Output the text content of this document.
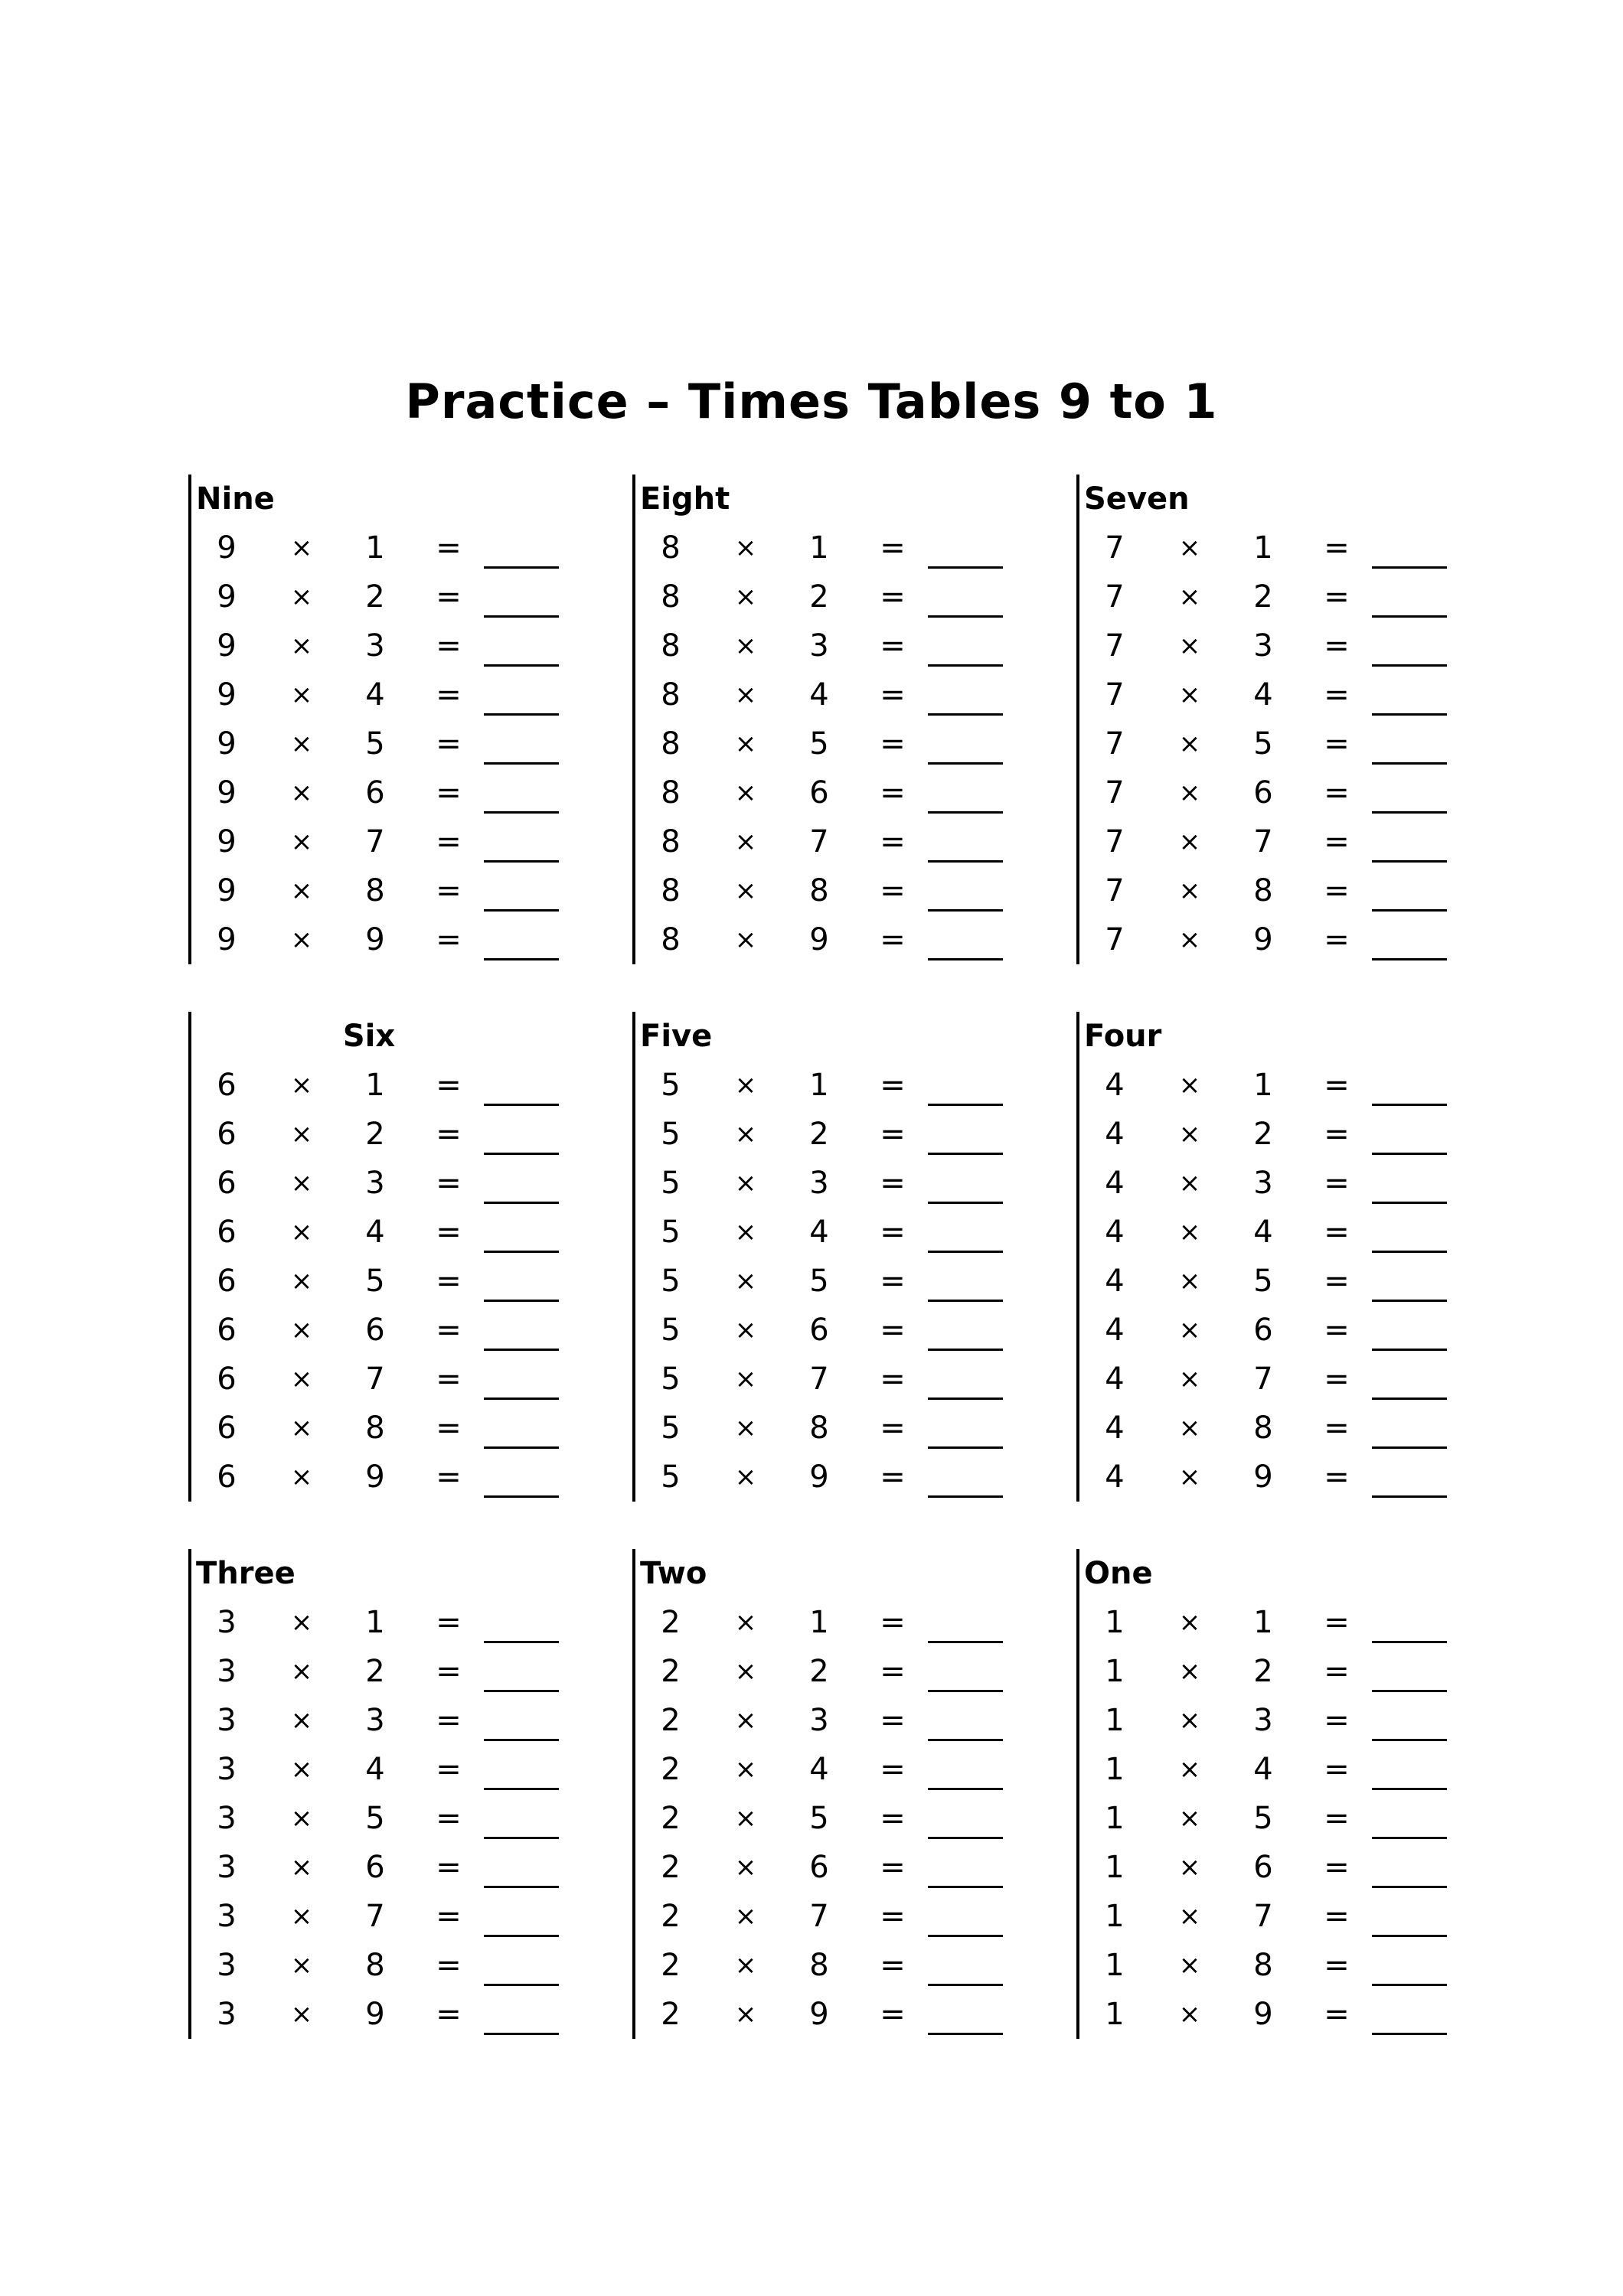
Practice – Times Tables 9 to 1
Nine
9	×	1	=
9	×	2	=
9	×	3	=
9	×	4	=
9	×	5	=
9	×	6	=
9	×	7	=
9	×	8	=
9	×	9	=
Eight
8	×	1	=
8	×	2	=
8	×	3	=
8	×	4	=
8	×	5	=
8	×	6	=
8	×	7	=
8	×	8	=
8	×	9	=
Seven
7	×	1	=
7	×	2	=
7	×	3	=
7	×	4	=
7	×	5	=
7	×	6	=
7	×	7	=
7	×	8	=
7	×	9	=
Six
6	×	1	=
6	×	2	=
6	×	3	=
6	×	4	=
6	×	5	=
6	×	6	=
6	×	7	=
6	×	8	=
6	×	9	=
Five
5	×	1	=
5	×	2	=
5	×	3	=
5	×	4	=
5	×	5	=
5	×	6	=
5	×	7	=
5	×	8	=
5	×	9	=
Four
4	×	1	=
4	×	2	=
4	×	3	=
4	×	4	=
4	×	5	=
4	×	6	=
4	×	7	=
4	×	8	=
4	×	9	=
Three
3	×	1	=
3	×	2	=
3	×	3	=
3	×	4	=
3	×	5	=
3	×	6	=
3	×	7	=
3	×	8	=
3	×	9	=
Two
2	×	1	=
2	×	2	=
2	×	3	=
2	×	4	=
2	×	5	=
2	×	6	=
2	×	7	=
2	×	8	=
2	×	9	=
One
1	×	1	=
1	×	2	=
1	×	3	=
1	×	4	=
1	×	5	=
1	×	6	=
1	×	7	=
1	×	8	=
1	×	9	=
